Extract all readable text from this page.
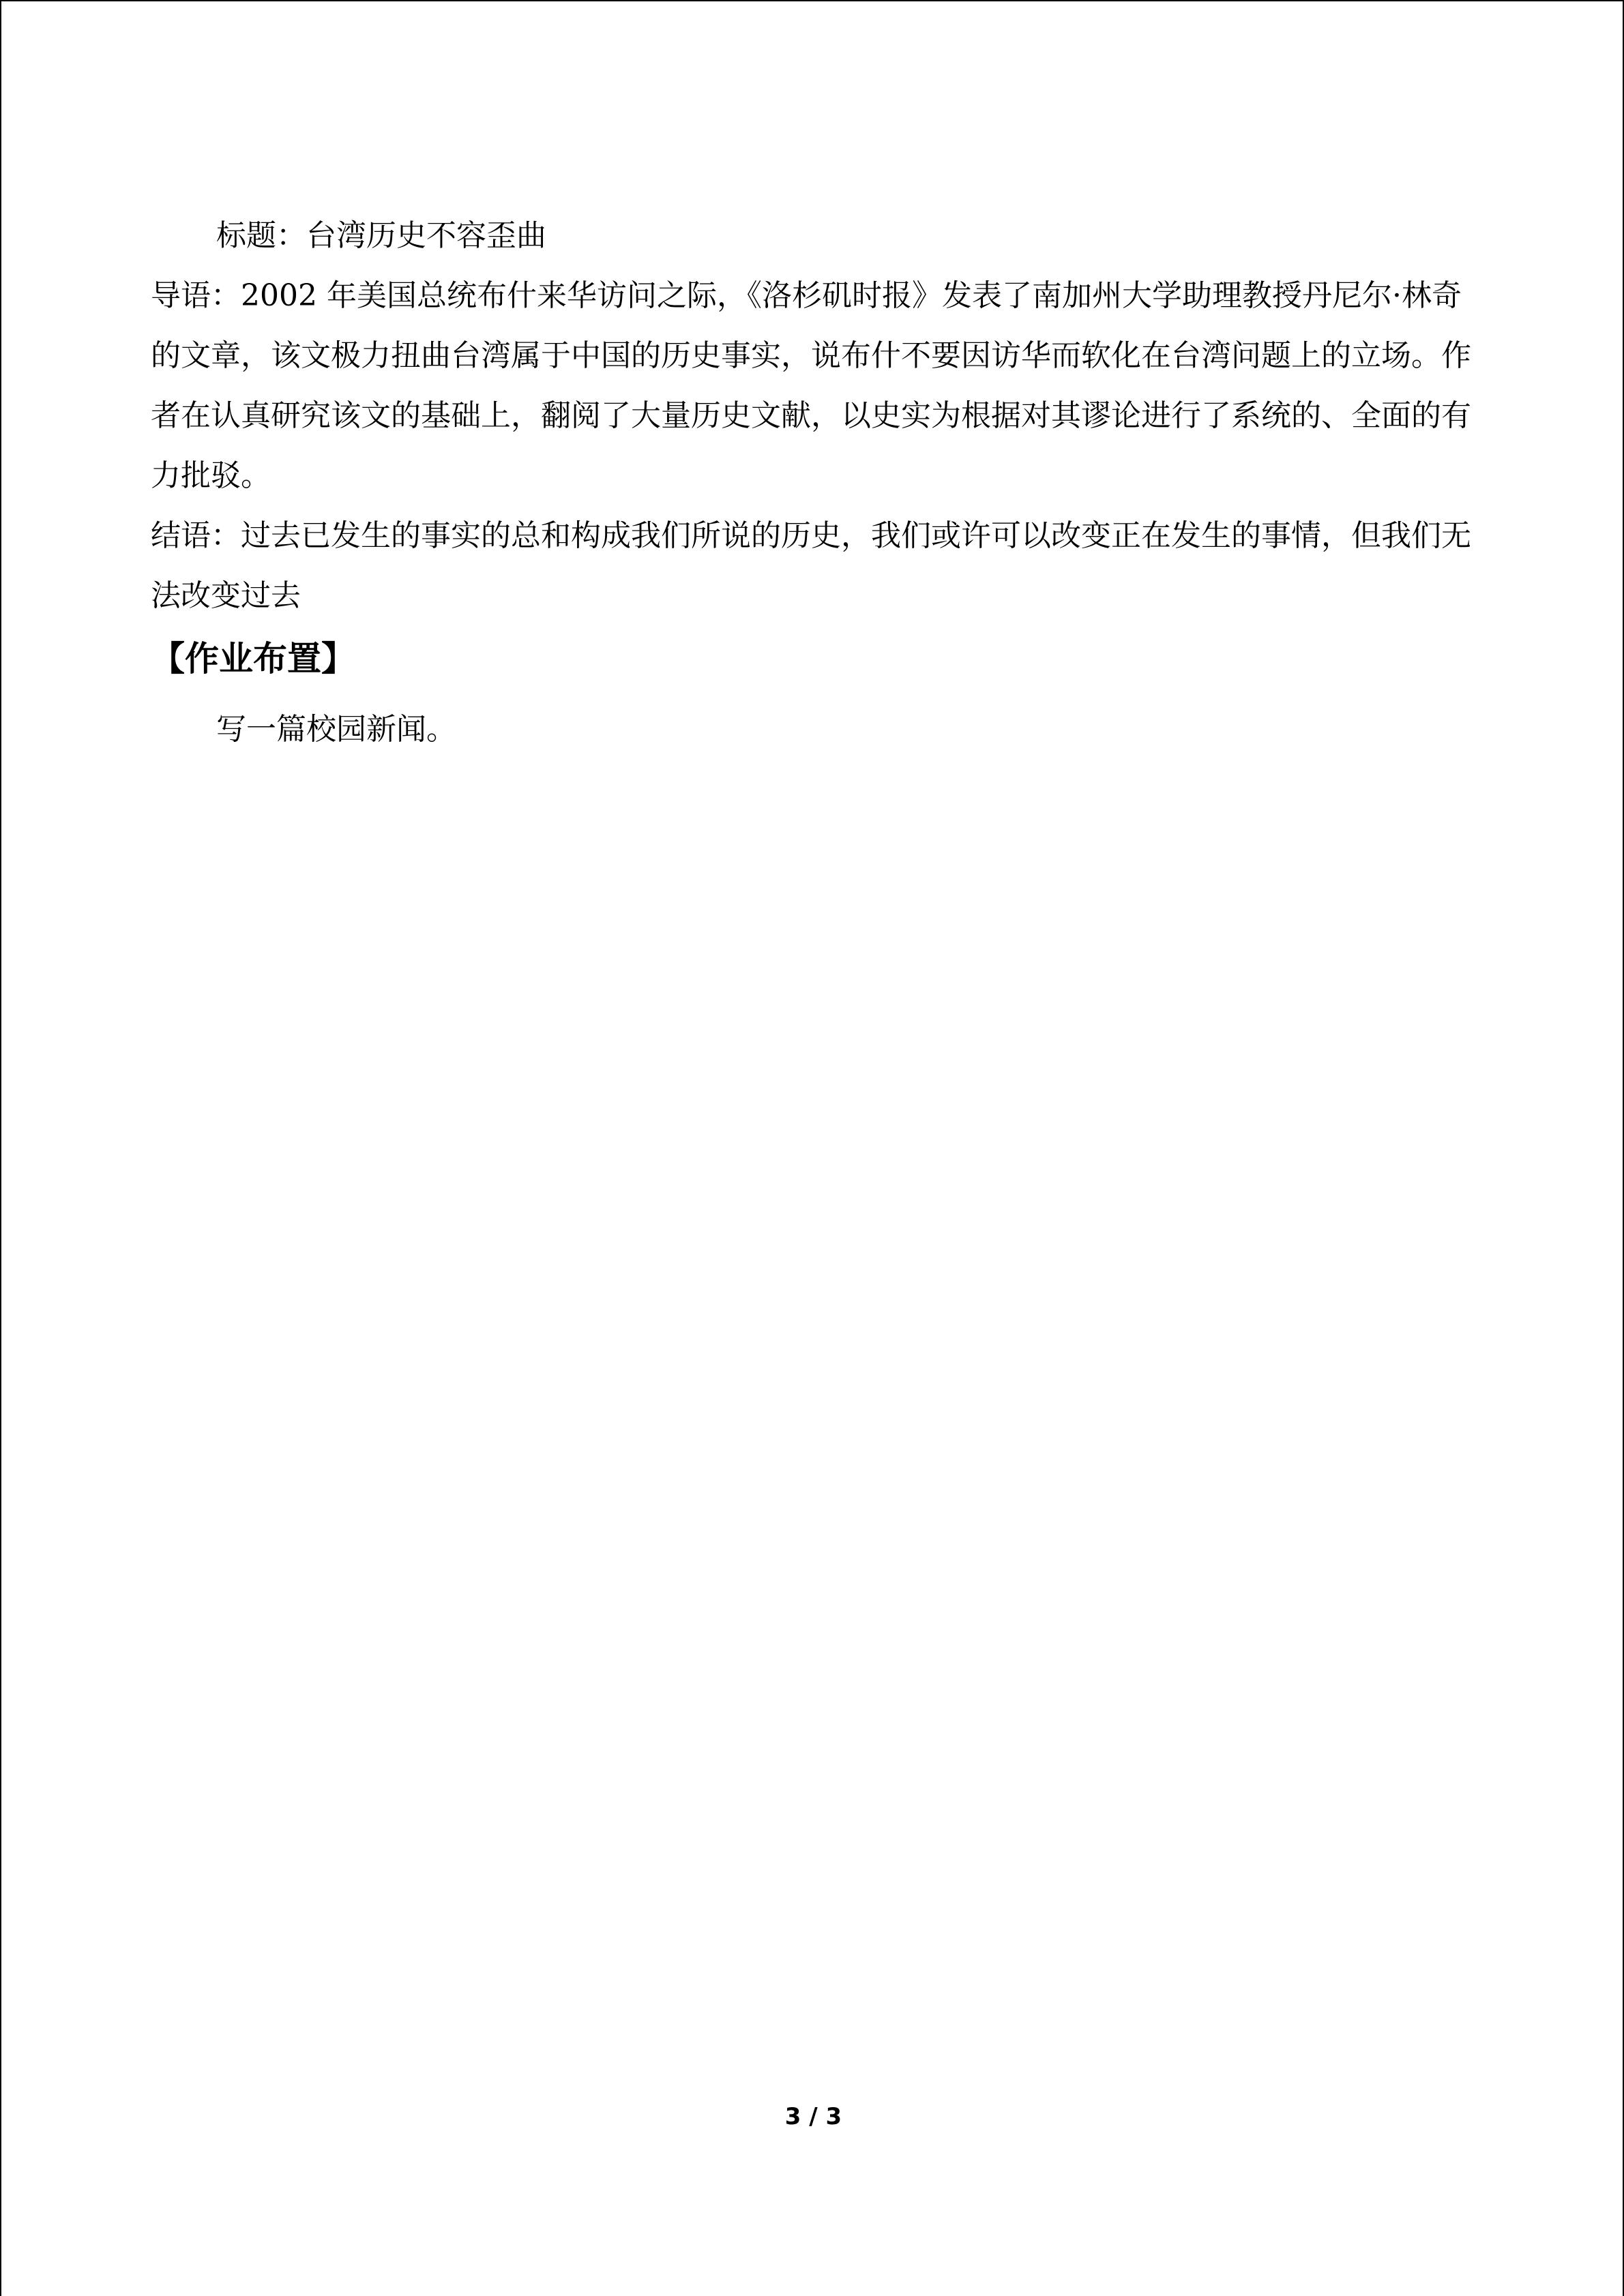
标题：台湾历史不容歪曲

导语：2002 年美国总统布什来华访问之际，《洛杉矶时报》发表了南加州大学助理教授丹尼尔·林奇的文章，该文极力扭曲台湾属于中国的历史事实，说布什不要因访华而软化在台湾问题上的立场。作者在认真研究该文的基础上，翻阅了大量历史文献，以史实为根据对其谬论进行了系统的、全面的有力批驳。

结语：过去已发生的事实的总和构成我们所说的历史，我们或许可以改变正在发生的事情，但我们无法改变过去

【作业布置】

写一篇校园新闻。

3 / 3
